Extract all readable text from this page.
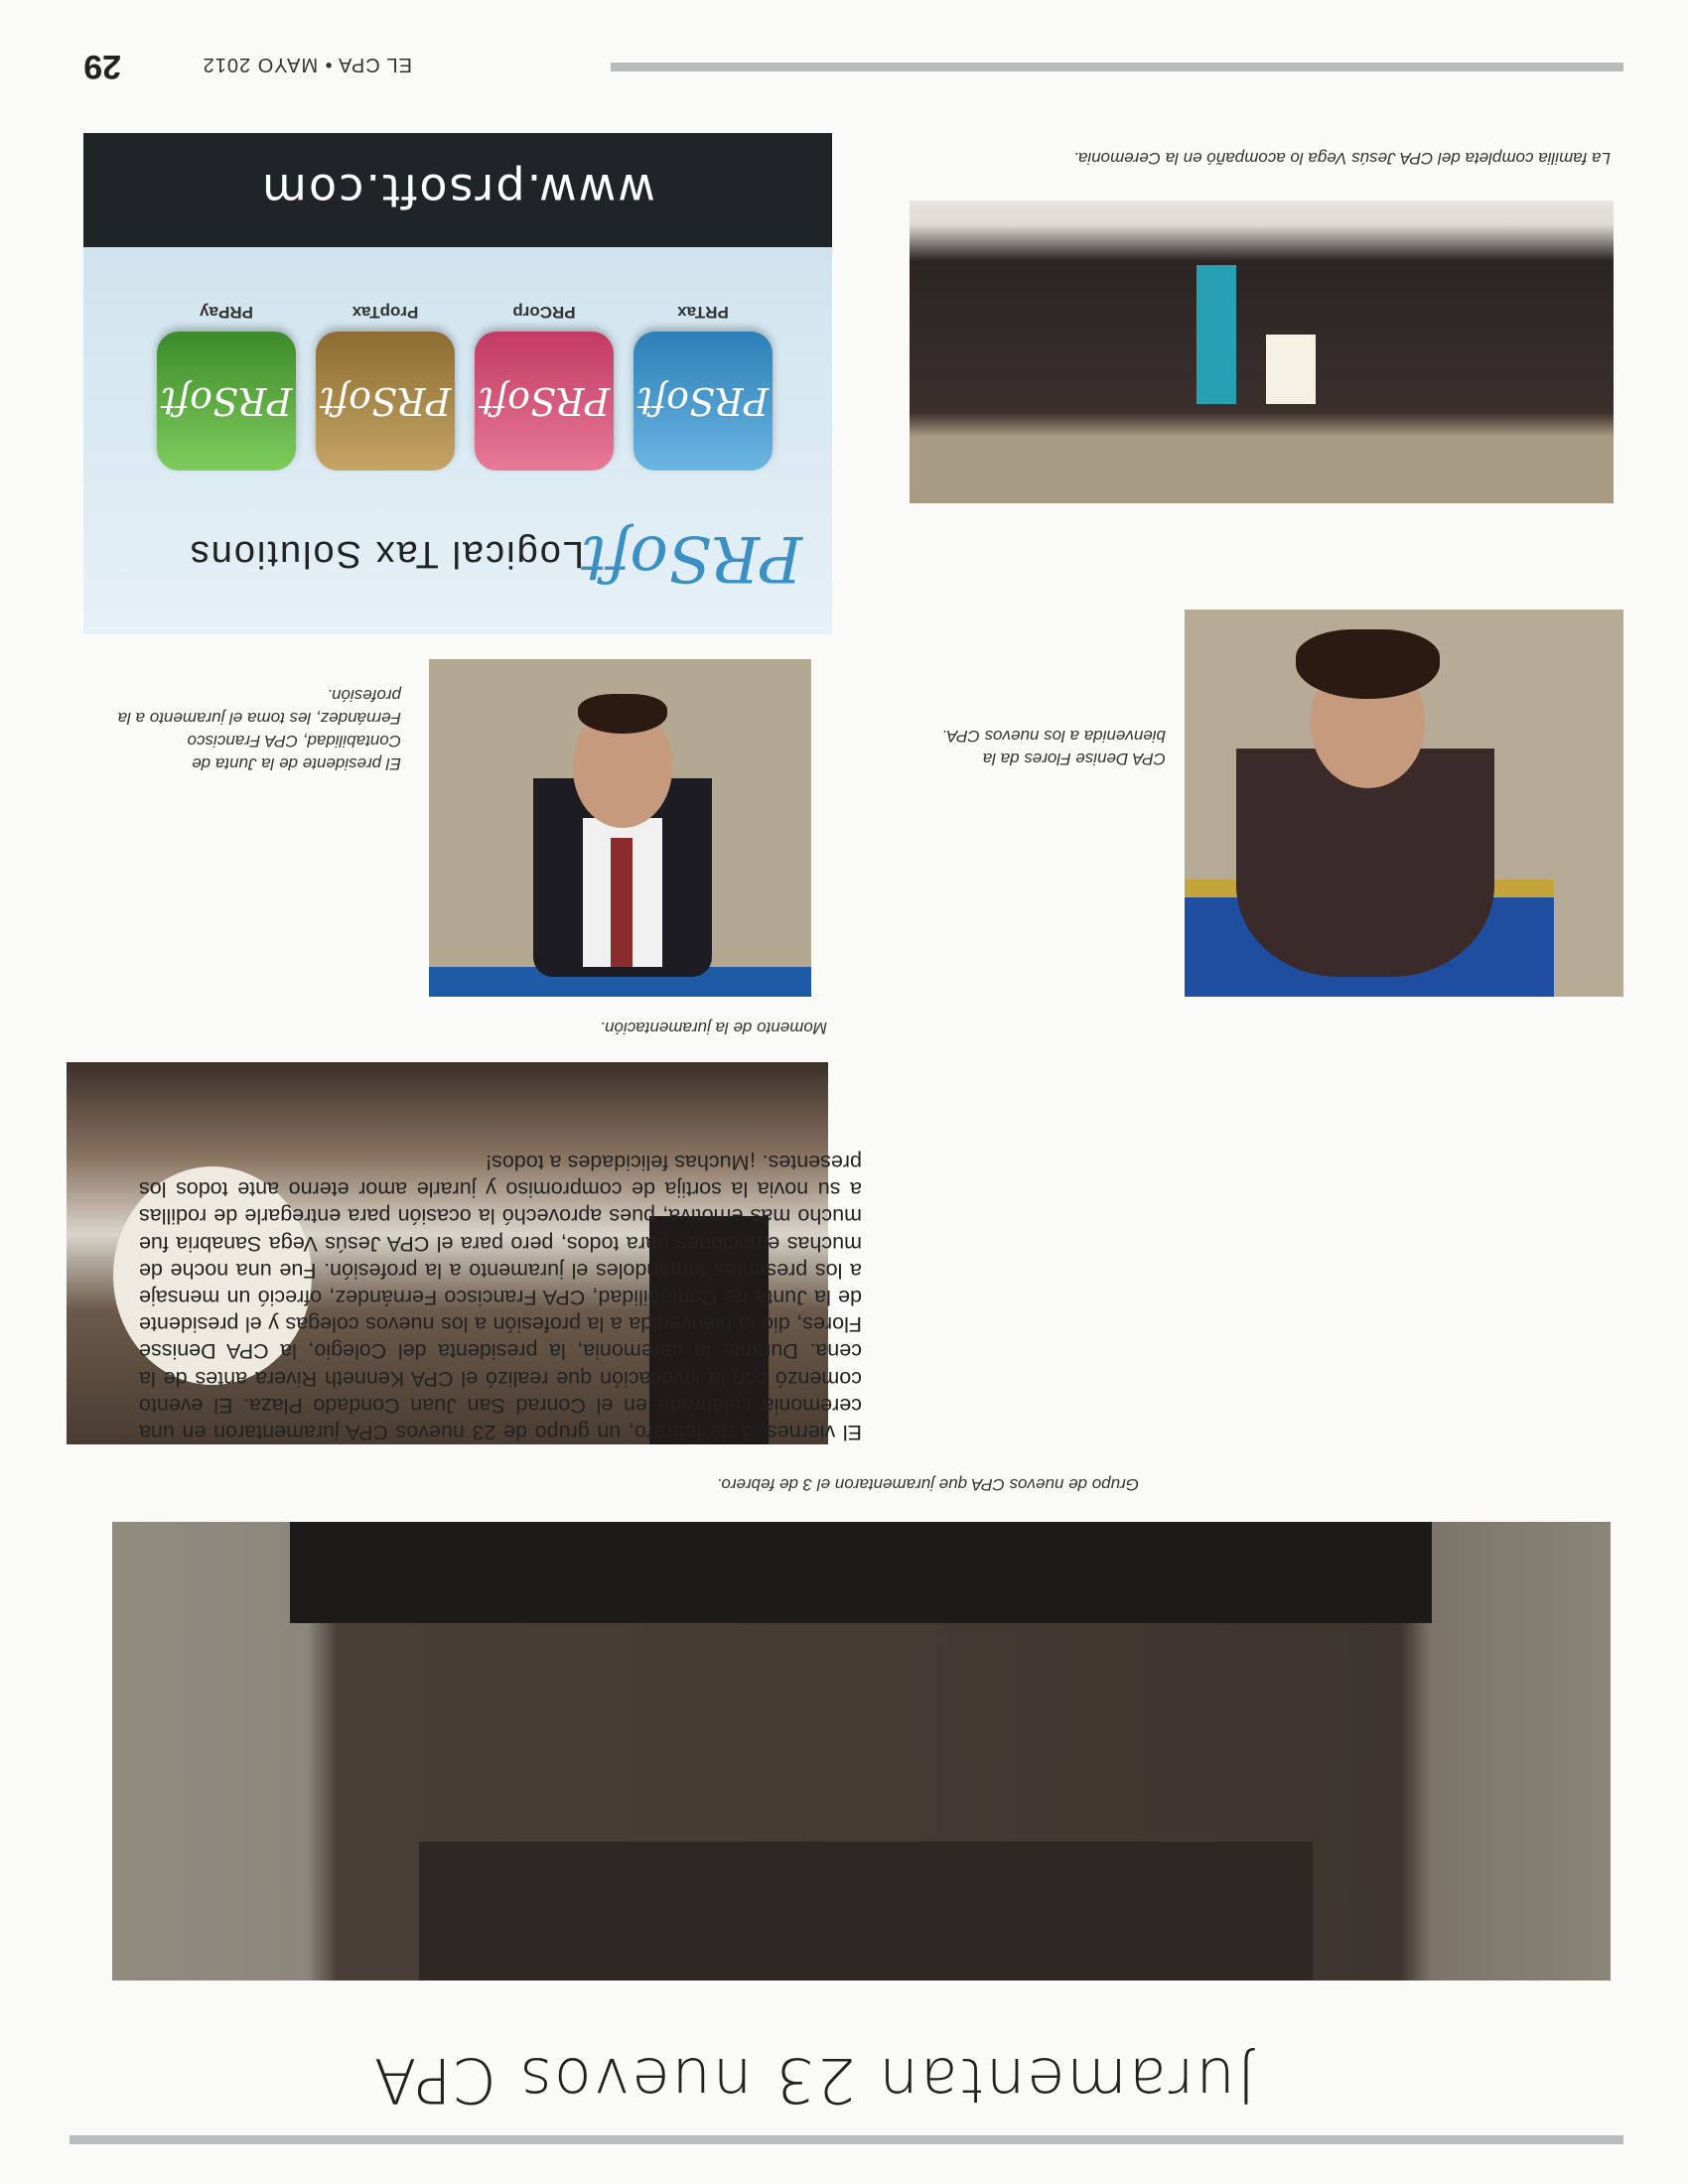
Juramentan 23 nuevos CPA
Grupo de nuevos CPA que juramentaron el 3 de febrero.
Momento de la juramentación.
El viernes, 3 de febrero, un grupo de 23 nuevos CPA juramentaron en una ceremonia celebrada en el Conrad San Juan Condado Plaza. El evento comenzó con la invocación que realizó el CPA Kenneth Rivera antes de la cena. Durante la ceremonia, la presidenta del Colegio, la CPA Denisse Flores, dio la bienvenida a la profesión a los nuevos colegas y el presidente de la Junta de Contabilidad, CPA Francisco Fernández, ofreció un mensaje a los presentes tomándoles el juramento a la profesión. Fue una noche de muchas emociones para todos, pero para el CPA Jesús Vega Sanabria fue mucho más emotiva, pues aprovechó la ocasión para entregarle de rodillas a su novia la sortija de compromiso y jurarle amor eterno ante todos los presentes. ¡Muchas felicidades a todos!
El presidente de la Junta de Contabilidad, CPA Francisco Fernández, les toma el juramento a la profesión.
CPA Denise Flores da la bienvenida a los nuevos CPA.
La familia completa del CPA Jesús Vega lo acompañó en la Ceremonia.
PRSoft
Logical Tax Solutions
PRSoft
PRSoft
PRSoft
PRSoft
PRTax
PRCorp
PropTax
PRPay
www.prsoft.com
EL CPA • MAYO 2012
29
